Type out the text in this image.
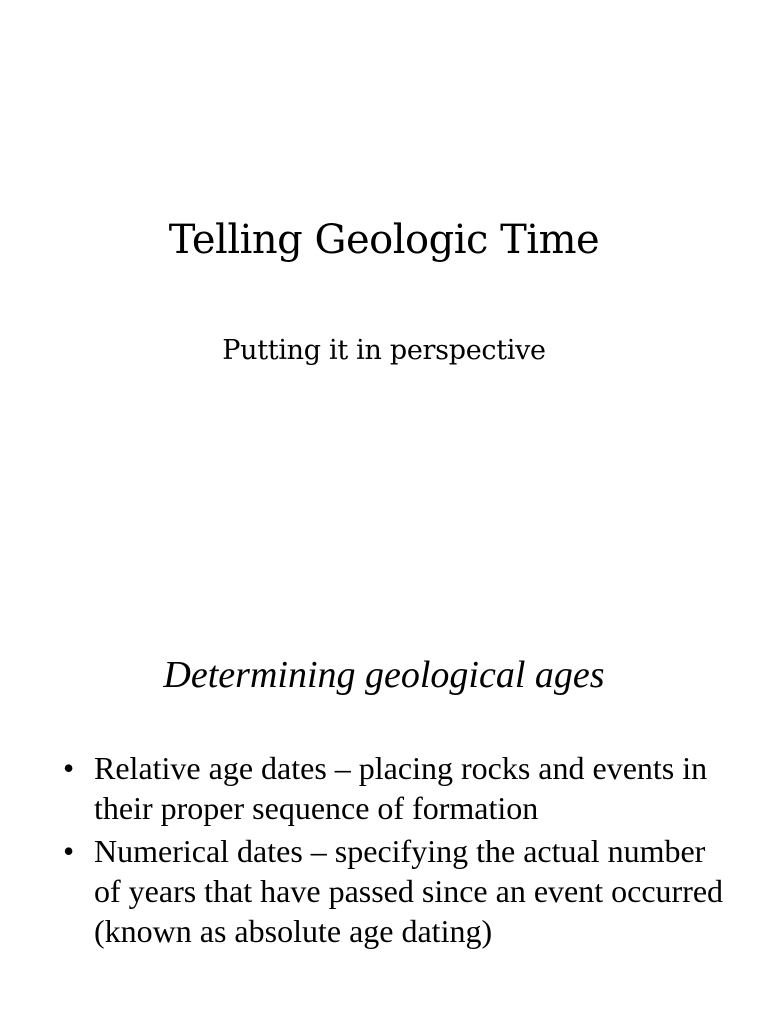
Telling Geologic Time
Putting it in perspective
Determining geological ages
• Relative age dates – placing rocks and events in their proper sequence of formation
• Numerical dates – specifying the actual number of years that have passed since an event occurred (known as absolute age dating)
